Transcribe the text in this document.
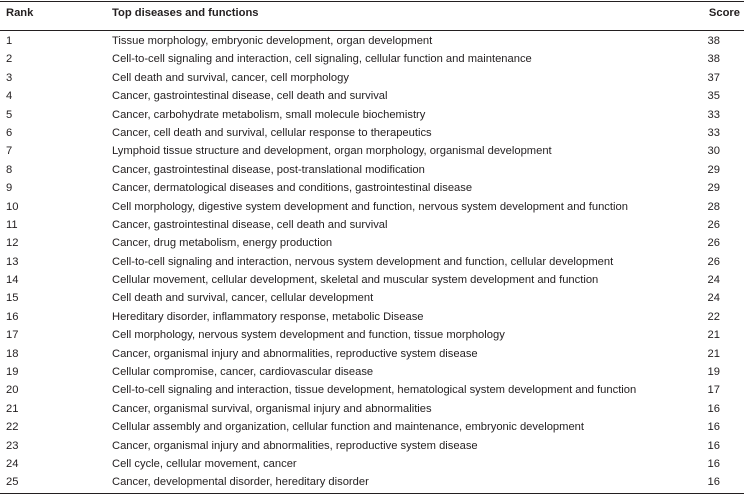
Rank	Top diseases and functions	Score
1	Tissue morphology, embryonic development, organ development	38
2	Cell-to-cell signaling and interaction, cell signaling, cellular function and maintenance	38
3	Cell death and survival, cancer, cell morphology	37
4	Cancer, gastrointestinal disease, cell death and survival	35
5	Cancer, carbohydrate metabolism, small molecule biochemistry	33
6	Cancer, cell death and survival, cellular response to therapeutics	33
7	Lymphoid tissue structure and development, organ morphology, organismal development	30
8	Cancer, gastrointestinal disease, post-translational modification	29
9	Cancer, dermatological diseases and conditions, gastrointestinal disease	29
10	Cell morphology, digestive system development and function, nervous system development and function	28
11	Cancer, gastrointestinal disease, cell death and survival	26
12	Cancer, drug metabolism, energy production	26
13	Cell-to-cell signaling and interaction, nervous system development and function, cellular development	26
14	Cellular movement, cellular development, skeletal and muscular system development and function	24
15	Cell death and survival, cancer, cellular development	24
16	Hereditary disorder, inflammatory response, metabolic Disease	22
17	Cell morphology, nervous system development and function, tissue morphology	21
18	Cancer, organismal injury and abnormalities, reproductive system disease	21
19	Cellular compromise, cancer, cardiovascular disease	19
20	Cell-to-cell signaling and interaction, tissue development, hematological system development and function	17
21	Cancer, organismal survival, organismal injury and abnormalities	16
22	Cellular assembly and organization, cellular function and maintenance, embryonic development	16
23	Cancer, organismal injury and abnormalities, reproductive system disease	16
24	Cell cycle, cellular movement, cancer	16
25	Cancer, developmental disorder, hereditary disorder	16
